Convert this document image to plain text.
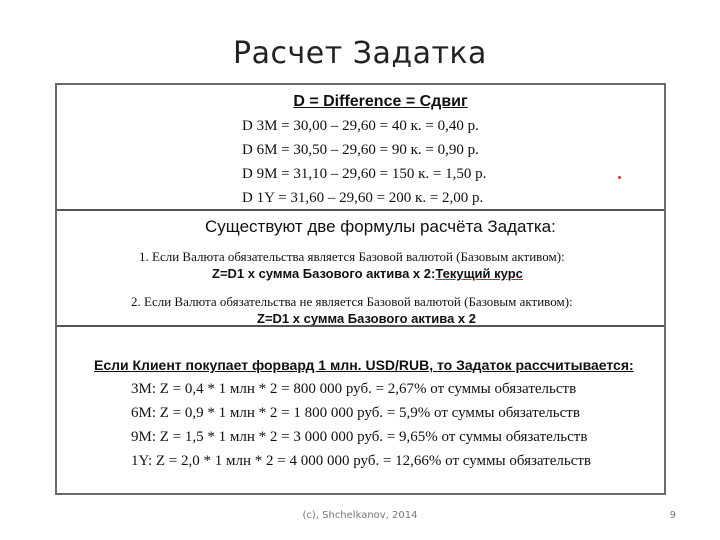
Расчет Задатка
D = Difference = Сдвиг
D 3M = 30,00 – 29,60 = 40 к. = 0,40 р.
D 6M = 30,50 – 29,60 = 90 к. = 0,90 р.
D 9M = 31,10 – 29,60 = 150 к. = 1,50 р.
D 1Y = 31,60 – 29,60 = 200 к. = 2,00 р.
Существуют две формулы расчёта Задатка:
1. Если Валюта обязательства является Базовой валютой (Базовым активом):
Z=D1 x сумма Базового актива x 2:Текущий курс
2. Если Валюта обязательства не является Базовой валютой (Базовым активом):
Z=D1 x сумма Базового актива x 2
Если Клиент покупает форвард 1 млн. USD/RUB, то Задаток рассчитывается:
3M: Z = 0,4 * 1 млн * 2 = 800 000 руб. = 2,67% от суммы обязательств
6M: Z = 0,9 * 1 млн * 2 = 1 800 000 руб. = 5,9% от суммы обязательств
9M: Z = 1,5 * 1 млн * 2 = 3 000 000 руб. = 9,65% от суммы обязательств
1Y: Z = 2,0 * 1 млн * 2 = 4 000 000 руб. = 12,66% от суммы обязательств
(c), Shchelkanov, 2014	9
